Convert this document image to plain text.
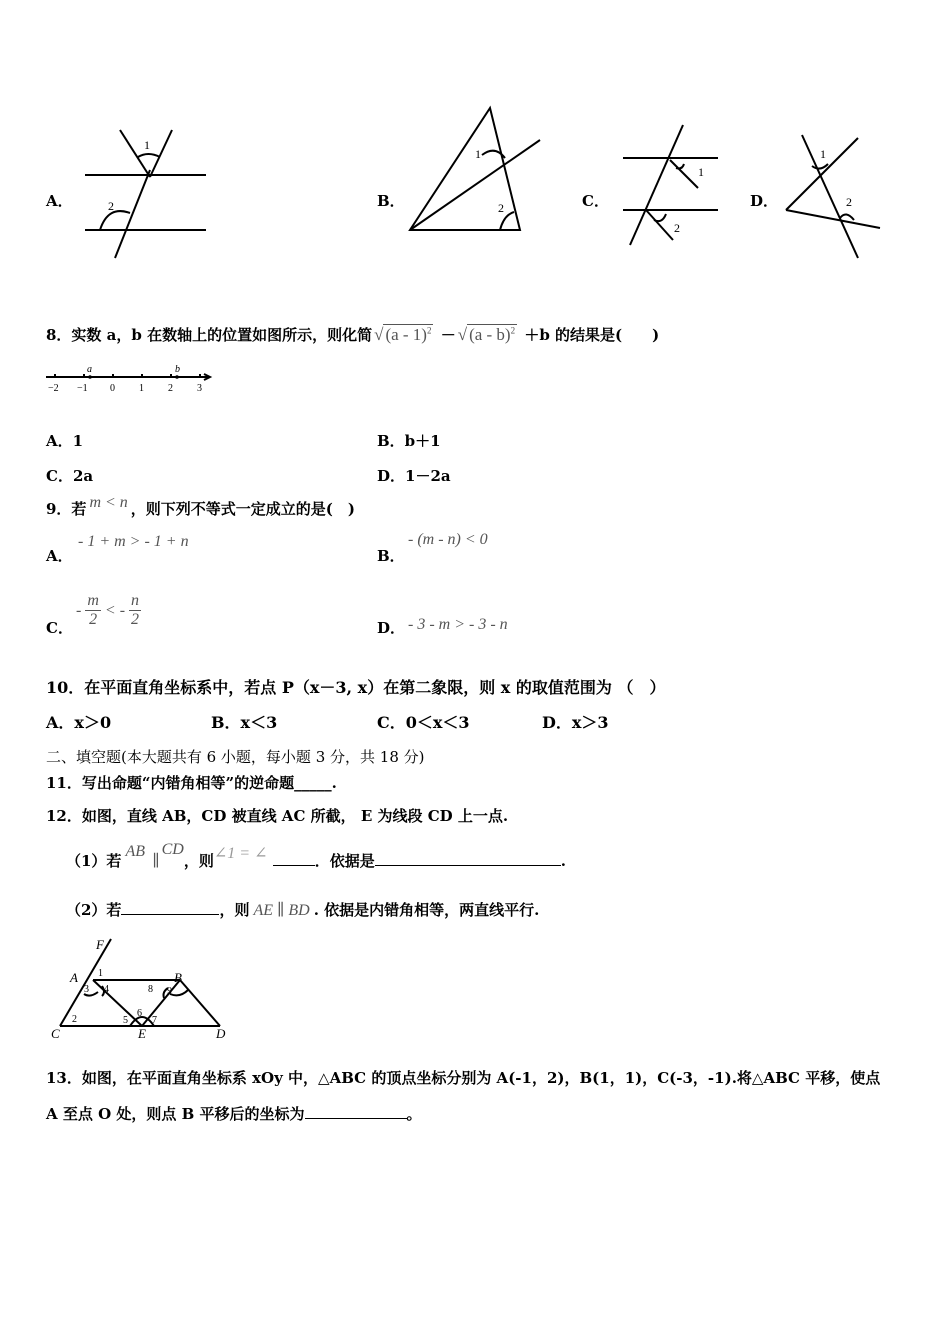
A．
1
2	B．
1
2	C．
1
2
D．
1
2
8．实数 a，b 在数轴上的位置如图所示，则化简 √ (a - 1)$^2$ － √ (a - b)$^2$ ＋b 的结果是(　　)
−2 −1 0 1 2 3
a	b
A．1	B．b＋1
C．2a	D．1－2a
9．若 m < n ，则下列不等式一定成立的是(　)
A．
- 1 + m > - 1 + n
B．
- (m - n) < 0
C．
-
m
2
< -
n
2	D． - 3 - m > - 3 - n
10．在平面直角坐标系中，若点 P（x－3, x）在第二象限，则 x 的取值范围为 （　）
A．x＞0	B．x＜3	C．0＜x＜3	D．x＞3
二、填空题(本大题共有 6 小题，每小题 3 分，共 18 分)
11．写出命题“内错角相等”的逆命题_____.
12．如图，直线 AB，CD 被直线 AC 所截， E 为线段 CD 上一点.
（1）若AB ∥CD，则∠1 = ∠	．依据是	.
（2）若	，则 AE ∥ BD . 依据是内错角相等，两直线平行.
F
A	B
C	E	D
1
2
3 4
5
6
7
8 9
13．如图，在平面直角坐标系 xOy 中，△ABC 的顶点坐标分别为 A(-1，2)，B(1，1)，C(-3，-1).将△ABC 平移，使点
A 至点 O 处，则点 B 平移后的坐标为	。
